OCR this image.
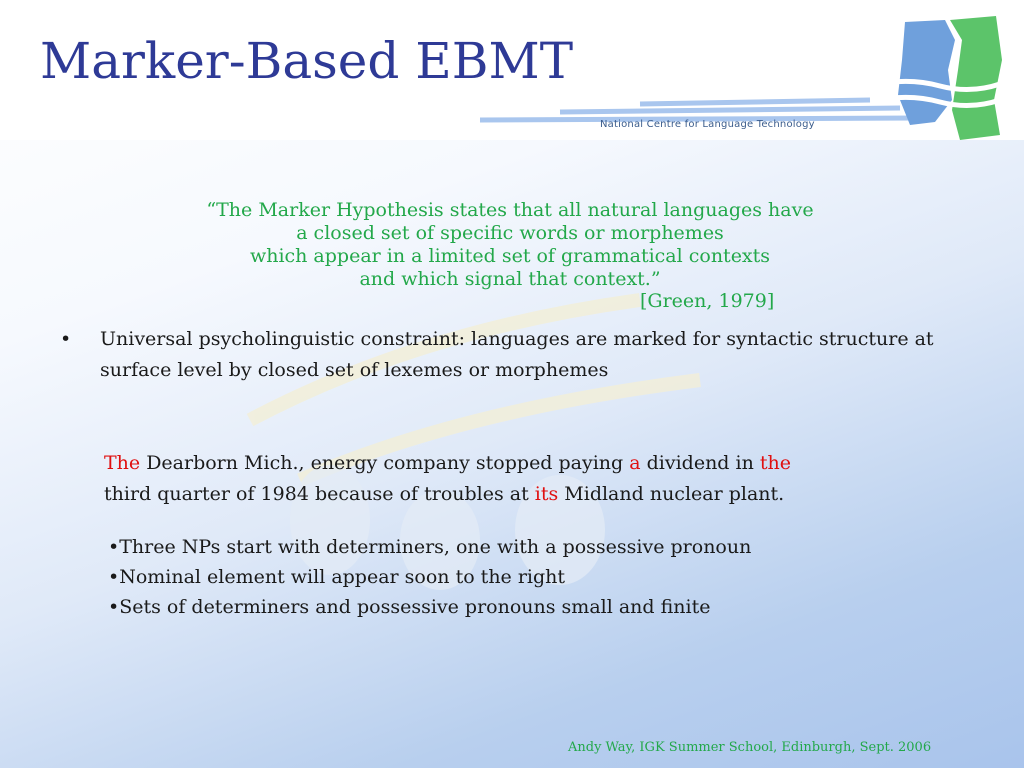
Marker-Based EBMT
National Centre for Language Technology
“The Marker Hypothesis states that all natural languages have
a closed set of specific words or morphemes
which appear in a limited set of grammatical contexts
and which signal that context.”
[Green, 1979]
• Universal psycholinguistic constraint: languages are marked for syntactic structure at surface level by closed set of lexemes or morphemes
The Dearborn Mich., energy company stopped paying a dividend in the
third quarter of 1984 because of troubles at its Midland nuclear plant.
•Three NPs start with determiners, one with a possessive pronoun
•Nominal element will appear soon to the right
•Sets of determiners and possessive pronouns small and finite
Andy Way, IGK Summer School, Edinburgh, Sept. 2006
